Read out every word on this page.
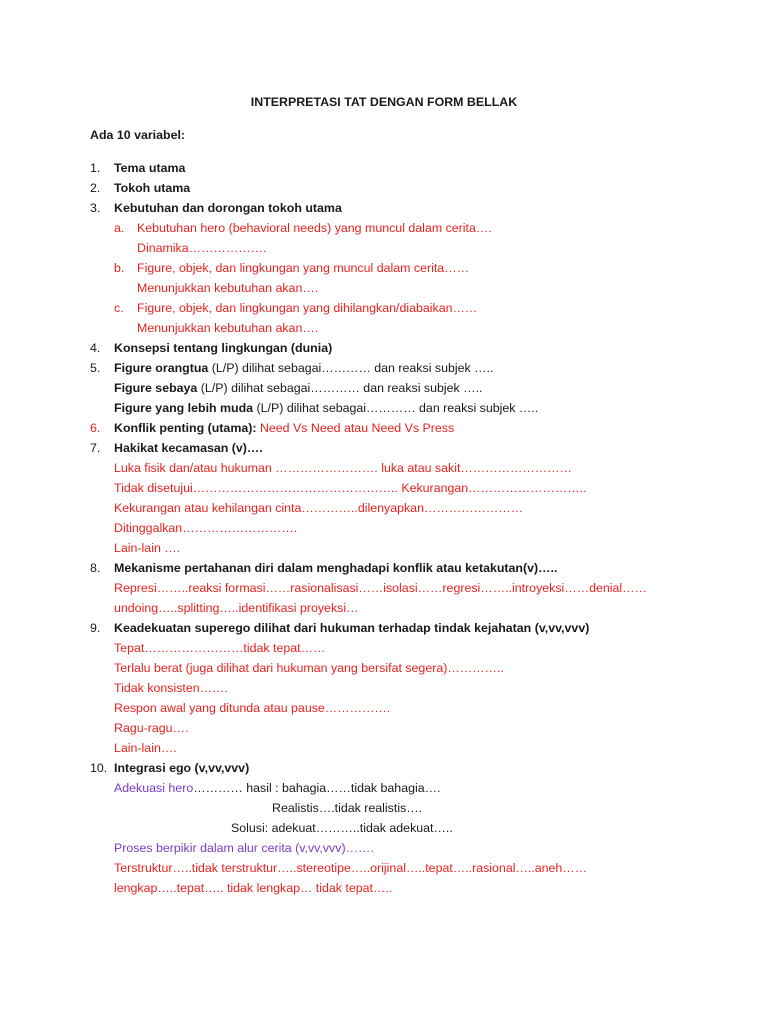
INTERPRETASI TAT DENGAN FORM BELLAK
Ada 10 variabel:
1. Tema utama
2. Tokoh utama
3. Kebutuhan dan dorongan tokoh utama
a. Kebutuhan hero (behavioral needs) yang muncul dalam cerita….
Dinamika……………….
b. Figure, objek, dan lingkungan yang muncul dalam cerita……
Menunjukkan kebutuhan akan….
c. Figure, objek, dan lingkungan yang dihilangkan/diabaikan……
Menunjukkan kebutuhan akan….
4. Konsepsi tentang lingkungan (dunia)
5. Figure orangtua (L/P) dilihat sebagai………… dan reaksi subjek …..
Figure sebaya (L/P) dilihat sebagai………… dan reaksi subjek …..
Figure yang lebih muda (L/P) dilihat sebagai………… dan reaksi subjek …..
6. Konflik penting (utama): Need Vs Need atau Need Vs Press
7. Hakikat kecamasan (v)….
Luka fisik dan/atau hukuman ……………………. luka atau sakit………………………
Tidak disetujui………………………………………….. Kekurangan………………………..
Kekurangan atau kehilangan cinta…………..dilenyapkan……………………
Ditinggalkan……………………….
Lain-lain ….
8. Mekanisme pertahanan diri dalam menghadapi konflik atau ketakutan(v)…..
Represi……..reaksi formasi……rasionalisasi……isolasi……regresi……..introyeksi……denial……
undoing…..splitting…..identifikasi proyeksi…
9. Keadekuatan superego dilihat dari hukuman terhadap tindak kejahatan (v,vv,vvv)
Tepat……………………tidak tepat……
Terlalu berat (juga dilihat dari hukuman yang bersifat segera)…………..
Tidak konsisten…….
Respon awal yang ditunda atau pause…………….
Ragu-ragu….
Lain-lain….
10. Integrasi ego (v,vv,vvv)
Adekuasi hero………… hasil : bahagia……tidak bahagia….
Realistis….tidak realistis….
Solusi: adekuat………..tidak adekuat…..
Proses berpikir dalam alur cerita (v,vv,vvv)…….
Terstruktur…..tidak terstruktur…..stereotipe…..orijinal…..tepat…..rasional…..aneh……
lengkap…..tepat….. tidak lengkap… tidak tepat…..
